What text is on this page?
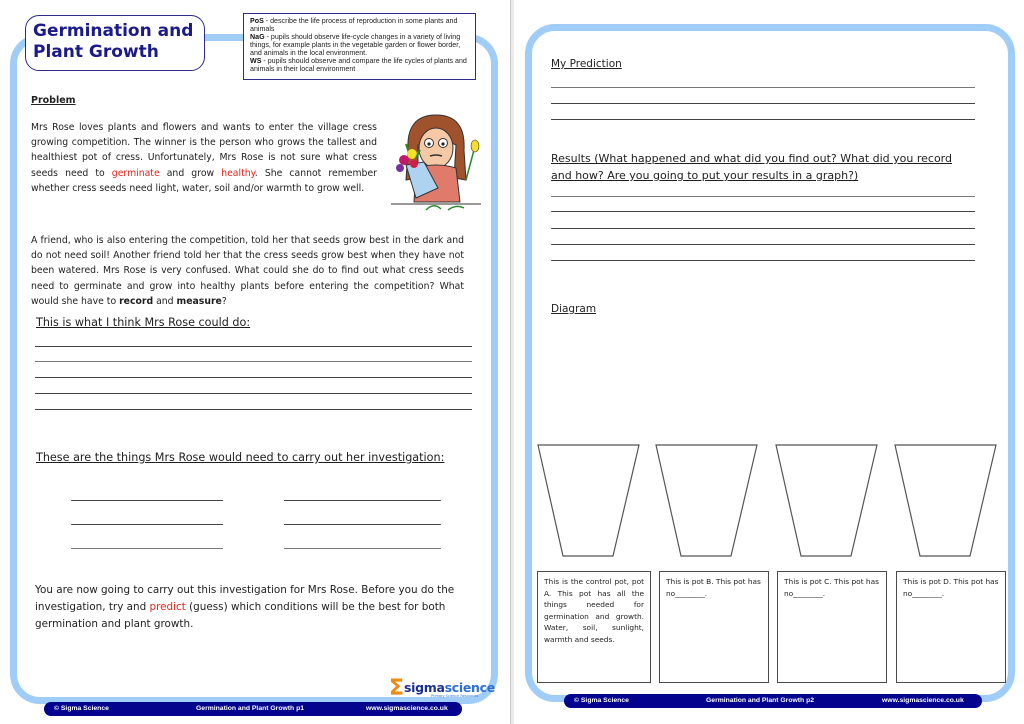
Germination and
Plant Growth
PoS - describe the life process of reproduction in some plants and animals
NaG - pupils should observe life-cycle changes in a variety of living things, for example plants in the vegetable garden or flower border, and animals in the local environment.
WS - pupils should observe and compare the life cycles of plants and animals in their local environment
Problem
Mrs Rose loves plants and flowers and wants to enter the village cress growing competition. The winner is the person who grows the tallest and healthiest pot of cress. Unfortunately, Mrs Rose is not sure what cress seeds need to germinate and grow healthy. She cannot remember whether cress seeds need light, water, soil and/or warmth to grow well.
A friend, who is also entering the competition, told her that seeds grow best in the dark and do not need soil! Another friend told her that the cress seeds grow best when they have not been watered. Mrs Rose is very confused. What could she do to find out what cress seeds need to germinate and grow into healthy plants before entering the competition? What would she have to record and measure?
This is what I think Mrs Rose could do:
These are the things Mrs Rose would need to carry out her investigation:
You are now going to carry out this investigation for Mrs Rose. Before you do the investigation, try and predict (guess) which conditions will be the best for both germination and plant growth.
Σ sigmascience
Primary Science Resources
© Sigma Science	Germination and Plant Growth p1	www.sigmascience.co.uk
My Prediction
Results (What happened and what did you find out? What did you record
and how? Are you going to put your results in a graph?)
Diagram
This is the control pot, pot A. This pot has all the things needed for germination and growth. Water, soil, sunlight, warmth and seeds.
This is pot B. This pot has no________.
This is pot C. This pot has no________.
This is pot D. This pot has no________.
© Sigma Science	Germination and Plant Growth p2	www.sigmascience.co.uk
